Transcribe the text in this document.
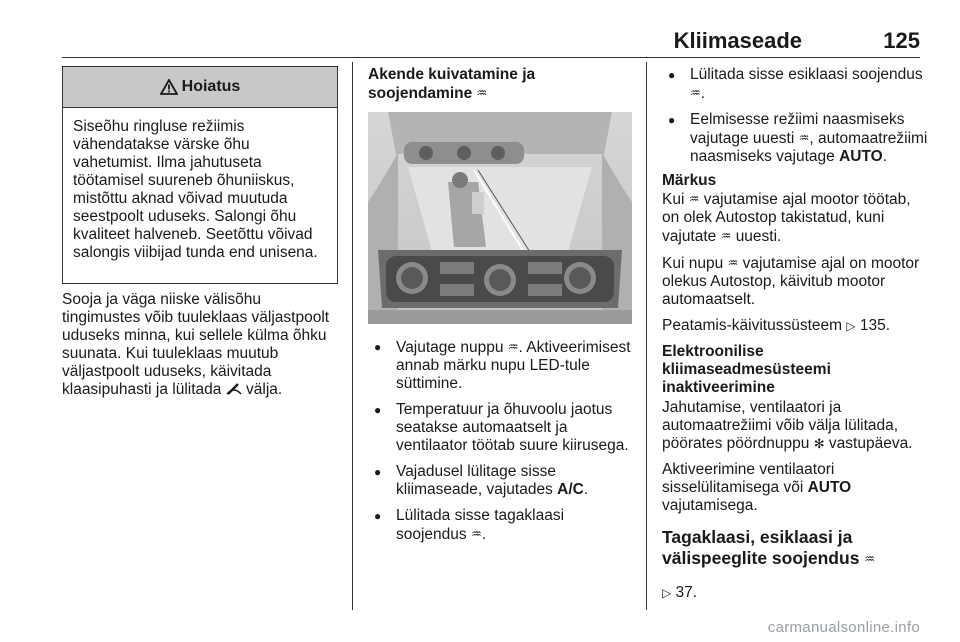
Kliimaseade	125
Hoiatus
Siseõhu ringluse režiimis vähendatakse värske õhu vahetumist. Ilma jahutuseta töötamisel suureneb õhuniiskus, mistõttu aknad võivad muutuda seestpoolt uduseks. Salongi õhu kvaliteet halveneb. Seetõttu võivad salongis viibijad tunda end unisena.

Sooja ja väga niiske välisõhu tingimustes võib tuuleklaas väljastpoolt uduseks minna, kui sellele külma õhku suunata. Kui tuuleklaas muutub väljastpoolt uduseks, käivitada klaasipuhasti ja lülitada välja.

Akende kuivatamine ja
soojendamine ♒
● Vajutage nuppu ♒. Aktiveerimisest annab märku nupu LED-tule süttimine.
● Temperatuur ja õhuvoolu jaotus seatakse automaatselt ja ventilaator töötab suure kiirusega.
● Vajadusel lülitage sisse kliimaseade, vajutades A/C.
● Lülitada sisse tagaklaasi soojendus ♒.
● Lülitada sisse esiklaasi soojendus ♒.
● Eelmisesse režiimi naasmiseks vajutage uuesti ♒, automaatrežiimi naasmiseks vajutage AUTO.
Märkus

Kui ♒ vajutamise ajal mootor töötab, on olek Autostop takistatud, kuni vajutate ♒ uuesti.

Kui nupu ♒ vajutamise ajal on mootor olekus Autostop, käivitub mootor automaatselt.

Peatamis-käivitussüsteem ▷ 135.

Elektroonilise kliimaseadmesüsteemi inaktiveerimine

Jahutamise, ventilaatori ja automaatrežiimi võib välja lülitada, pöörates pöördnuppu ✻ vastupäeva.

Aktiveerimine ventilaatori sisselülitamisega või AUTO vajutamisega.

Tagaklaasi, esiklaasi ja
välispeeglite soojendus ♒

▷ 37.

carmanualsonline.info
